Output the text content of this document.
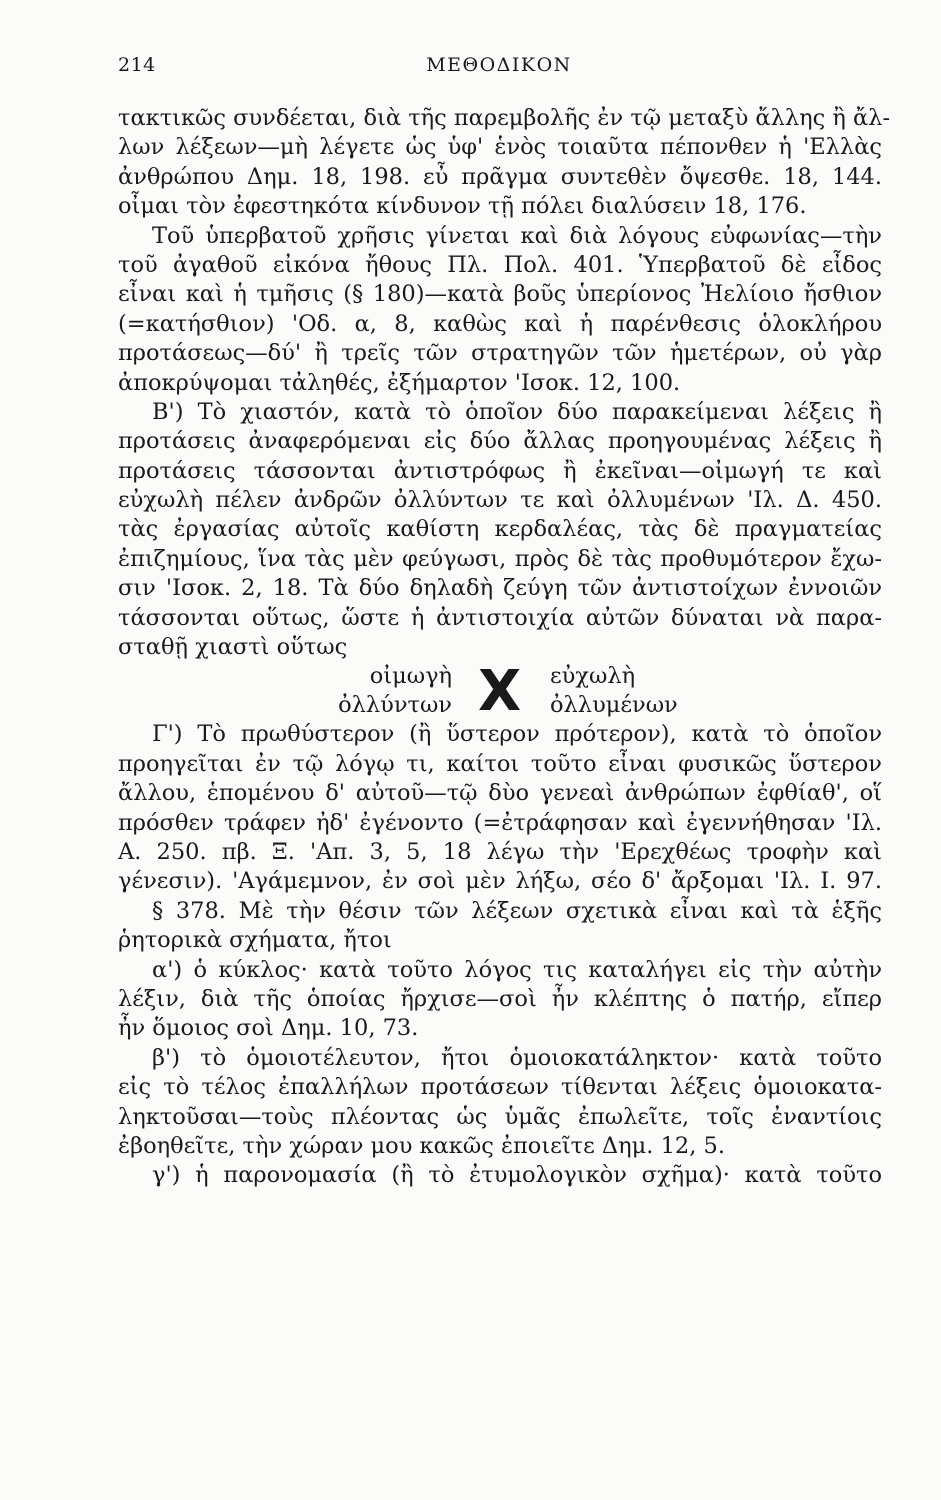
214	ΜΕΘΟΔΙΚΟΝ
τακτικῶς συνδέεται, διὰ τῆς παρεμβολῆς ἐν τῷ μεταξὺ ἄλλης ἢ ἄλ-
λων λέξεων—μὴ λέγετε ὡς ὑφ' ἑνὸς τοιαῦτα πέπονθεν ἡ 'Ελλὰς
ἀνθρώπου Δημ. 18, 198. εὖ πρᾶγμα συντεθὲν ὄψεσθε. 18, 144.
οἶμαι τὸν ἐφεστηκότα κίνδυνον τῇ πόλει διαλύσειν 18, 176.
Τοῦ ὑπερβατοῦ χρῆσις γίνεται καὶ διὰ λόγους εὐφωνίας—τὴν
τοῦ ἀγαθοῦ εἰκόνα ἤθους Πλ. Πολ. 401. Ὑπερβατοῦ δὲ εἶδος
εἶναι καὶ ἡ τμῆσις (§ 180)—κατὰ βοῦς ὑπερίονος Ἠελίοιο ἤσθιον
(=κατήσθιον) 'Οδ. α, 8, καθὼς καὶ ἡ παρένθεσις ὁλοκλήρου
προτάσεως—δύ' ἢ τρεῖς τῶν στρατηγῶν τῶν ἡμετέρων, οὐ γὰρ
ἀποκρύψομαι τἀληθές, ἐξήμαρτον 'Ισοκ. 12, 100.
Β') Τὸ χιαστόν, κατὰ τὸ ὁποῖον δύο παρακείμεναι λέξεις ἢ
προτάσεις ἀναφερόμεναι εἰς δύο ἄλλας προηγουμένας λέξεις ἢ
προτάσεις τάσσονται ἀντιστρόφως ἢ ἐκεῖναι—οἰμωγή τε καὶ
εὐχωλὴ πέλεν ἀνδρῶν ὀλλύντων τε καὶ ὀλλυμένων 'Ιλ. Δ. 450.
τὰς ἐργασίας αὐτοῖς καθίστη κερδαλέας, τὰς δὲ πραγματείας
ἐπιζημίους, ἵνα τὰς μὲν φεύγωσι, πρὸς δὲ τὰς προθυμότερον ἔχω-
σιν 'Ισοκ. 2, 18. Τὰ δύο δηλαδὴ ζεύγη τῶν ἀντιστοίχων ἐννοιῶν
τάσσονται οὕτως, ὥστε ἡ ἀντιστοιχία αὐτῶν δύναται νὰ παρα-
σταθῇ χιαστὶ οὕτως
οἰμωγὴ
ὀλλύντων X εὐχωλὴ
ὀλλυμένων
Γ') Τὸ πρωθύστερον (ἢ ὕστερον πρότερον), κατὰ τὸ ὁποῖον
προηγεῖται ἐν τῷ λόγῳ τι, καίτοι τοῦτο εἶναι φυσικῶς ὕστερον
ἄλλου, ἑπομένου δ' αὐτοῦ—τῷ δὺο γενεαὶ ἀνθρώπων ἐφθίαθ', οἵ
πρόσθεν τράφεν ἠδ' ἐγένοντο (=ἐτράφησαν καὶ ἐγεννήθησαν 'Ιλ.
Α. 250. πβ. Ξ. 'Απ. 3, 5, 18 λέγω τὴν 'Ερεχθέως τροφὴν καὶ
γένεσιν). 'Αγάμεμνον, ἐν σοὶ μὲν λήξω, σέο δ' ἄρξομαι 'Ιλ. Ι. 97.
§ 378. Μὲ τὴν θέσιν τῶν λέξεων σχετικὰ εἶναι καὶ τὰ ἑξῆς
ῥητορικὰ σχήματα, ἤτοι
α') ὁ κύκλος· κατὰ τοῦτο λόγος τις καταλήγει εἰς τὴν αὐτὴν
λέξιν, διὰ τῆς ὁποίας ἤρχισε—σοὶ ἦν κλέπτης ὁ πατήρ, εἴπερ
ἦν ὅμοιος σοὶ Δημ. 10, 73.
β') τὸ ὁμοιοτέλευτον, ἤτοι ὁμοιοκατάληκτον· κατὰ τοῦτο
εἰς τὸ τέλος ἐπαλλήλων προτάσεων τίθενται λέξεις ὁμοιοκατα-
ληκτοῦσαι—τοὺς πλέοντας ὡς ὑμᾶς ἐπωλεῖτε, τοῖς ἐναντίοις
ἐβοηθεῖτε, τὴν χώραν μου κακῶς ἐποιεῖτε Δημ. 12, 5.
γ') ἡ παρονομασία (ἢ τὸ ἐτυμολογικὸν σχῆμα)· κατὰ τοῦτο
